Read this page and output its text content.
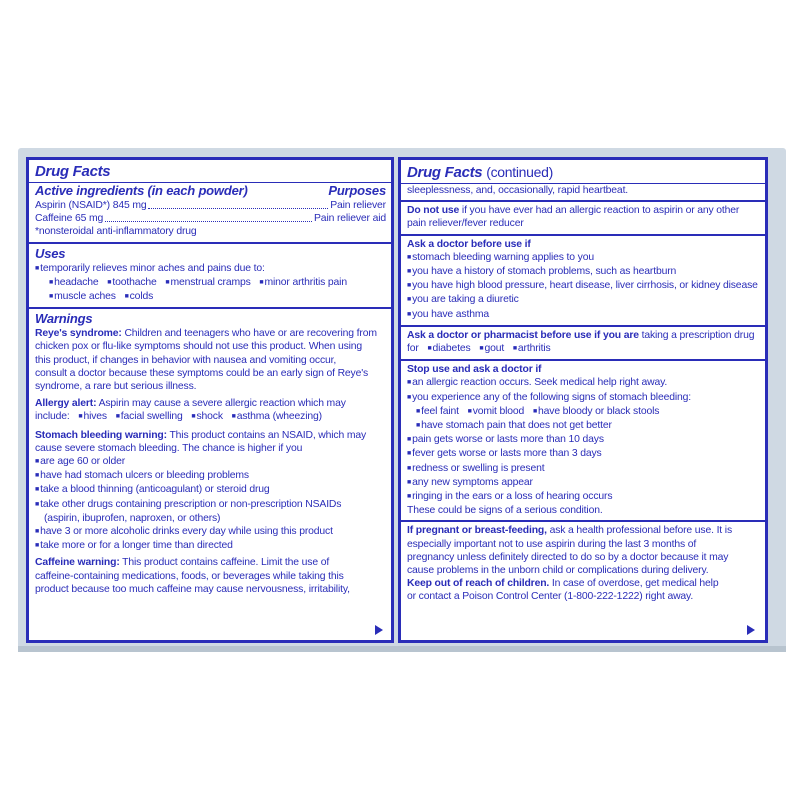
Drug Facts
Active ingredients (in each powder)	Purposes
Aspirin (NSAID*) 845 mg	Pain reliever
Caffeine 65 mg	Pain reliever aid
*nonsteroidal anti-inflammatory drug
Uses
■ temporarily relieves minor aches and pains due to:
■ headache ■ toothache ■ menstrual cramps ■ minor arthritis pain
■ muscle aches ■ colds
Warnings
Reye's syndrome: Children and teenagers who have or are recovering from
chicken pox or flu-like symptoms should not use this product. When using
this product, if changes in behavior with nausea and vomiting occur,
consult a doctor because these symptoms could be an early sign of Reye's
syndrome, a rare but serious illness.
Allergy alert: Aspirin may cause a severe allergic reaction which may
include: ■ hives ■ facial swelling ■ shock ■ asthma (wheezing)
Stomach bleeding warning: This product contains an NSAID, which may
cause severe stomach bleeding. The chance is higher if you
■ are age 60 or older
■ have had stomach ulcers or bleeding problems
■ take a blood thinning (anticoagulant) or steroid drug
■ take other drugs containing prescription or non-prescription NSAIDs
(aspirin, ibuprofen, naproxen, or others)
■ have 3 or more alcoholic drinks every day while using this product
■ take more or for a longer time than directed
Caffeine warning: This product contains caffeine. Limit the use of
caffeine-containing medications, foods, or beverages while taking this
product because too much caffeine may cause nervousness, irritability,
Drug Facts (continued)
sleeplessness, and, occasionally, rapid heartbeat.
Do not use if you have ever had an allergic reaction to aspirin or any other
pain reliever/fever reducer
Ask a doctor before use if
■ stomach bleeding warning applies to you
■ you have a history of stomach problems, such as heartburn
■ you have high blood pressure, heart disease, liver cirrhosis, or kidney disease
■ you are taking a diuretic
■ you have asthma
Ask a doctor or pharmacist before use if you are taking a prescription drug
for ■ diabetes ■ gout ■ arthritis
Stop use and ask a doctor if
■ an allergic reaction occurs. Seek medical help right away.
■ you experience any of the following signs of stomach bleeding:
■ feel faint ■ vomit blood ■ have bloody or black stools
■ have stomach pain that does not get better
■ pain gets worse or lasts more than 10 days
■ fever gets worse or lasts more than 3 days
■ redness or swelling is present
■ any new symptoms appear
■ ringing in the ears or a loss of hearing occurs
These could be signs of a serious condition.
If pregnant or breast-feeding, ask a health professional before use. It is
especially important not to use aspirin during the last 3 months of
pregnancy unless definitely directed to do so by a doctor because it may
cause problems in the unborn child or complications during delivery.
Keep out of reach of children. In case of overdose, get medical help
or contact a Poison Control Center (1-800-222-1222) right away.
